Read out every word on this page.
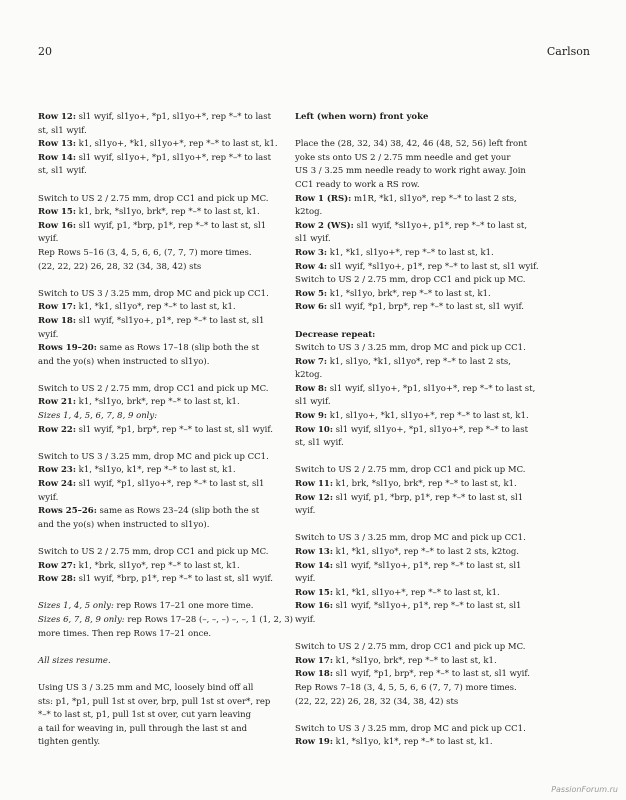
20	Carlson
Row 12: sl1 wyif, sl1yo+, *p1, sl1yo+*, rep *–* to last
st, sl1 wyif.
Row 13: k1, sl1yo+, *k1, sl1yo+*, rep *–* to last st, k1.
Row 14: sl1 wyif, sl1yo+, *p1, sl1yo+*, rep *–* to last
st, sl1 wyif.
Switch to US 2 / 2.75 mm, drop CC1 and pick up MC.
Row 15: k1, brk, *sl1yo, brk*, rep *–* to last st, k1.
Row 16: sl1 wyif, p1, *brp, p1*, rep *–* to last st, sl1
wyif.
Rep Rows 5–16 (3, 4, 5, 6, 6, (7, 7, 7) more times.
(22, 22, 22) 26, 28, 32 (34, 38, 42) sts
Switch to US 3 / 3.25 mm, drop MC and pick up CC1.
Row 17: k1, *k1, sl1yo*, rep *–* to last st, k1.
Row 18: sl1 wyif, *sl1yo+, p1*, rep *–* to last st, sl1
wyif.
Rows 19–20: same as Rows 17–18 (slip both the st
and the yo(s) when instructed to sl1yo).
Switch to US 2 / 2.75 mm, drop CC1 and pick up MC.
Row 21: k1, *sl1yo, brk*, rep *–* to last st, k1.
Sizes 1, 4, 5, 6, 7, 8, 9 only:
Row 22: sl1 wyif, *p1, brp*, rep *–* to last st, sl1 wyif.
Switch to US 3 / 3.25 mm, drop MC and pick up CC1.
Row 23: k1, *sl1yo, k1*, rep *–* to last st, k1.
Row 24: sl1 wyif, *p1, sl1yo+*, rep *–* to last st, sl1
wyif.
Rows 25–26: same as Rows 23–24 (slip both the st
and the yo(s) when instructed to sl1yo).
Switch to US 2 / 2.75 mm, drop CC1 and pick up MC.
Row 27: k1, *brk, sl1yo*, rep *–* to last st, k1.
Row 28: sl1 wyif, *brp, p1*, rep *–* to last st, sl1 wyif.
Sizes 1, 4, 5 only: rep Rows 17–21 one more time.
Sizes 6, 7, 8, 9 only: rep Rows 17–28 (–, –, –) –, –, 1 (1, 2, 3)
more times. Then rep Rows 17–21 once.
All sizes resume.
Using US 3 / 3.25 mm and MC, loosely bind off all
sts: p1, *p1, pull 1st st over, brp, pull 1st st over*, rep
*–* to last st, p1, pull 1st st over, cut yarn leaving
a tail for weaving in, pull through the last st and
tighten gently.
Left (when worn) front yoke
Place the (28, 32, 34) 38, 42, 46 (48, 52, 56) left front
yoke sts onto US 2 / 2.75 mm needle and get your
US 3 / 3.25 mm needle ready to work right away. Join
CC1 ready to work a RS row.
Row 1 (RS): m1R, *k1, sl1yo*, rep *–* to last 2 sts,
k2tog.
Row 2 (WS): sl1 wyif, *sl1yo+, p1*, rep *–* to last st,
sl1 wyif.
Row 3: k1, *k1, sl1yo+*, rep *–* to last st, k1.
Row 4: sl1 wyif, *sl1yo+, p1*, rep *–* to last st, sl1 wyif.
Switch to US 2 / 2.75 mm, drop CC1 and pick up MC.
Row 5: k1, *sl1yo, brk*, rep *–* to last st, k1.
Row 6: sl1 wyif, *p1, brp*, rep *–* to last st, sl1 wyif.
Decrease repeat:
Switch to US 3 / 3.25 mm, drop MC and pick up CC1.
Row 7: k1, sl1yo, *k1, sl1yo*, rep *–* to last 2 sts,
k2tog.
Row 8: sl1 wyif, sl1yo+, *p1, sl1yo+*, rep *–* to last st,
sl1 wyif.
Row 9: k1, sl1yo+, *k1, sl1yo+*, rep *–* to last st, k1.
Row 10: sl1 wyif, sl1yo+, *p1, sl1yo+*, rep *–* to last
st, sl1 wyif.
Switch to US 2 / 2.75 mm, drop CC1 and pick up MC.
Row 11: k1, brk, *sl1yo, brk*, rep *–* to last st, k1.
Row 12: sl1 wyif, p1, *brp, p1*, rep *–* to last st, sl1
wyif.
Switch to US 3 / 3.25 mm, drop MC and pick up CC1.
Row 13: k1, *k1, sl1yo*, rep *–* to last 2 sts, k2tog.
Row 14: sl1 wyif, *sl1yo+, p1*, rep *–* to last st, sl1
wyif.
Row 15: k1, *k1, sl1yo+*, rep *–* to last st, k1.
Row 16: sl1 wyif, *sl1yo+, p1*, rep *–* to last st, sl1
wyif.
Switch to US 2 / 2.75 mm, drop CC1 and pick up MC.
Row 17: k1, *sl1yo, brk*, rep *–* to last st, k1.
Row 18: sl1 wyif, *p1, brp*, rep *–* to last st, sl1 wyif.
Rep Rows 7–18 (3, 4, 5, 5, 6, 6 (7, 7, 7) more times.
(22, 22, 22) 26, 28, 32 (34, 38, 42) sts
Switch to US 3 / 3.25 mm, drop MC and pick up CC1.
Row 19: k1, *sl1yo, k1*, rep *–* to last st, k1.
PassionForum.ru
